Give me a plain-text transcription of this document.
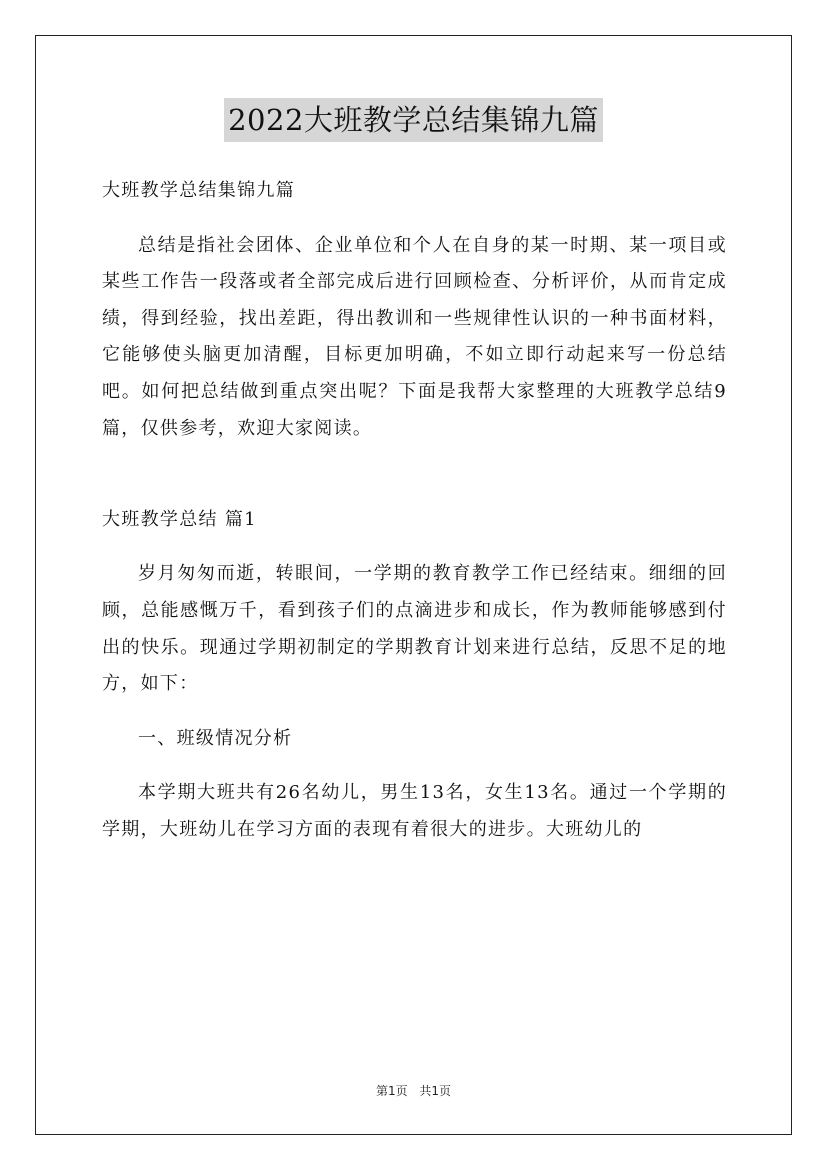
2022大班教学总结集锦九篇

大班教学总结集锦九篇

总结是指社会团体、企业单位和个人在自身的某一时期、某一项目或某些工作告一段落或者全部完成后进行回顾检查、分析评价，从而肯定成绩，得到经验，找出差距，得出教训和一些规律性认识的一种书面材料，它能够使头脑更加清醒，目标更加明确，不如立即行动起来写一份总结吧。如何把总结做到重点突出呢？下面是我帮大家整理的大班教学总结9篇，仅供参考，欢迎大家阅读。

大班教学总结 篇1

岁月匆匆而逝，转眼间，一学期的教育教学工作已经结束。细细的回顾，总能感慨万千，看到孩子们的点滴进步和成长，作为教师能够感到付出的快乐。现通过学期初制定的学期教育计划来进行总结，反思不足的地方，如下：

一、班级情况分析

本学期大班共有26名幼儿，男生13名，女生13名。通过一个学期的学期，大班幼儿在学习方面的表现有着很大的进步。大班幼儿的

第1页 共1页
